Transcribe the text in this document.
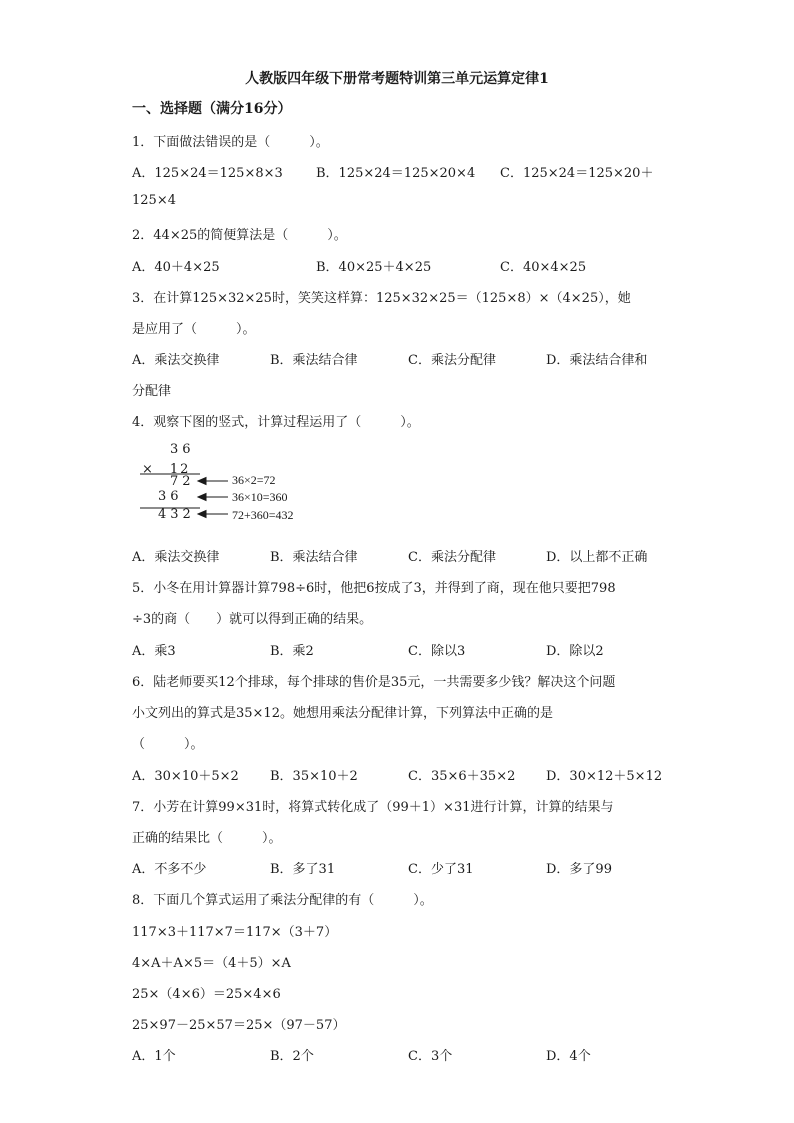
人教版四年级下册常考题特训第三单元运算定律1
一、选择题（满分16分）
1．下面做法错误的是（　　　）。
A．125×24＝125×8×3	B．125×24＝125×20×4 C．125×24＝125×20＋
125×4
2．44×25的简便算法是（　　　）。
A．40＋4×25	B．40×25＋4×25	C．40×4×25
3．在计算125×32×25时，笑笑这样算：125×32×25＝（125×8）×（4×25），她
是应用了（　　　）。
A．乘法交换律	B．乘法结合律	C．乘法分配律	D．乘法结合律和
分配律
4．观察下图的竖式，计算过程运用了（　　　）。
36
×　12
72
36
432
36×2=72
36×10=360
72+360=432
A．乘法交换律	B．乘法结合律	C．乘法分配律	D．以上都不正确
5．小冬在用计算器计算798÷6时，他把6按成了3，并得到了商，现在他只要把798
÷3的商（　　）就可以得到正确的结果。
A．乘3	B．乘2	C．除以3	D．除以2
6．陆老师要买12个排球，每个排球的售价是35元，一共需要多少钱？解决这个问题
小文列出的算式是35×12。她想用乘法分配律计算，下列算法中正确的是
（　　　）。
A．30×10＋5×2 B．35×10＋2	C．35×6＋35×2 D．30×12＋5×12
7．小芳在计算99×31时，将算式转化成了（99＋1）×31进行计算，计算的结果与
正确的结果比（　　　）。
A．不多不少	B．多了31	C．少了31	D．多了99
8．下面几个算式运用了乘法分配律的有（　　　）。
117×3＋117×7＝117×（3＋7）
4×A＋A×5＝（4＋5）×A
25×（4×6）＝25×4×6
25×97－25×57＝25×（97－57）
A．1个	B．2个	C．3个	D．4个
